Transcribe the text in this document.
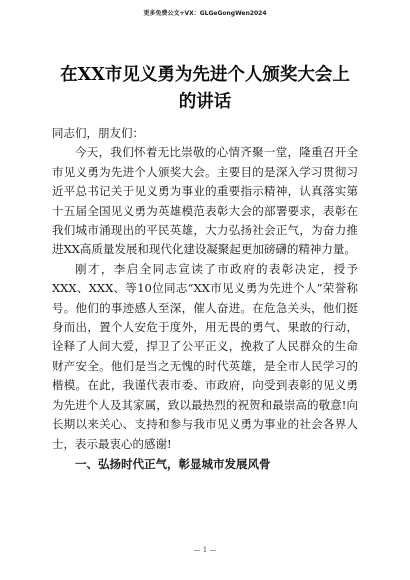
更多免费公文+VX：GLGeGongWen2024
在XX市见义勇为先进个人颁奖大会上的讲话

同志们，朋友们：

今天，我们怀着无比崇敬的心情齐聚一堂，隆重召开全市见义勇为先进个人颁奖大会。主要目的是深入学习贯彻习近平总书记关于见义勇为事业的重要指示精神，认真落实第十五届全国见义勇为英雄模范表彰大会的部署要求，表彰在我们城市涌现出的平民英雄，大力弘扬社会正气，为奋力推进XX高质量发展和现代化建设凝聚起更加磅礴的精神力量。

刚才，李启全同志宣读了市政府的表彰决定，授予XXX、XXX、等10位同志“XX市见义勇为先进个人”荣誉称号。他们的事迹感人至深，催人奋进。在危急关头，他们挺身而出，置个人安危于度外，用无畏的勇气、果敢的行动，诠释了人间大爱，捍卫了公平正义，挽救了人民群众的生命财产安全。他们是当之无愧的时代英雄，是全市人民学习的楷模。在此，我谨代表市委、市政府，向受到表彰的见义勇为先进个人及其家属，致以最热烈的祝贺和最崇高的敬意!向长期以来关心、支持和参与我市见义勇为事业的社会各界人士，表示最衷心的感谢!

一、弘扬时代正气，彰显城市发展风骨

— 1 —
